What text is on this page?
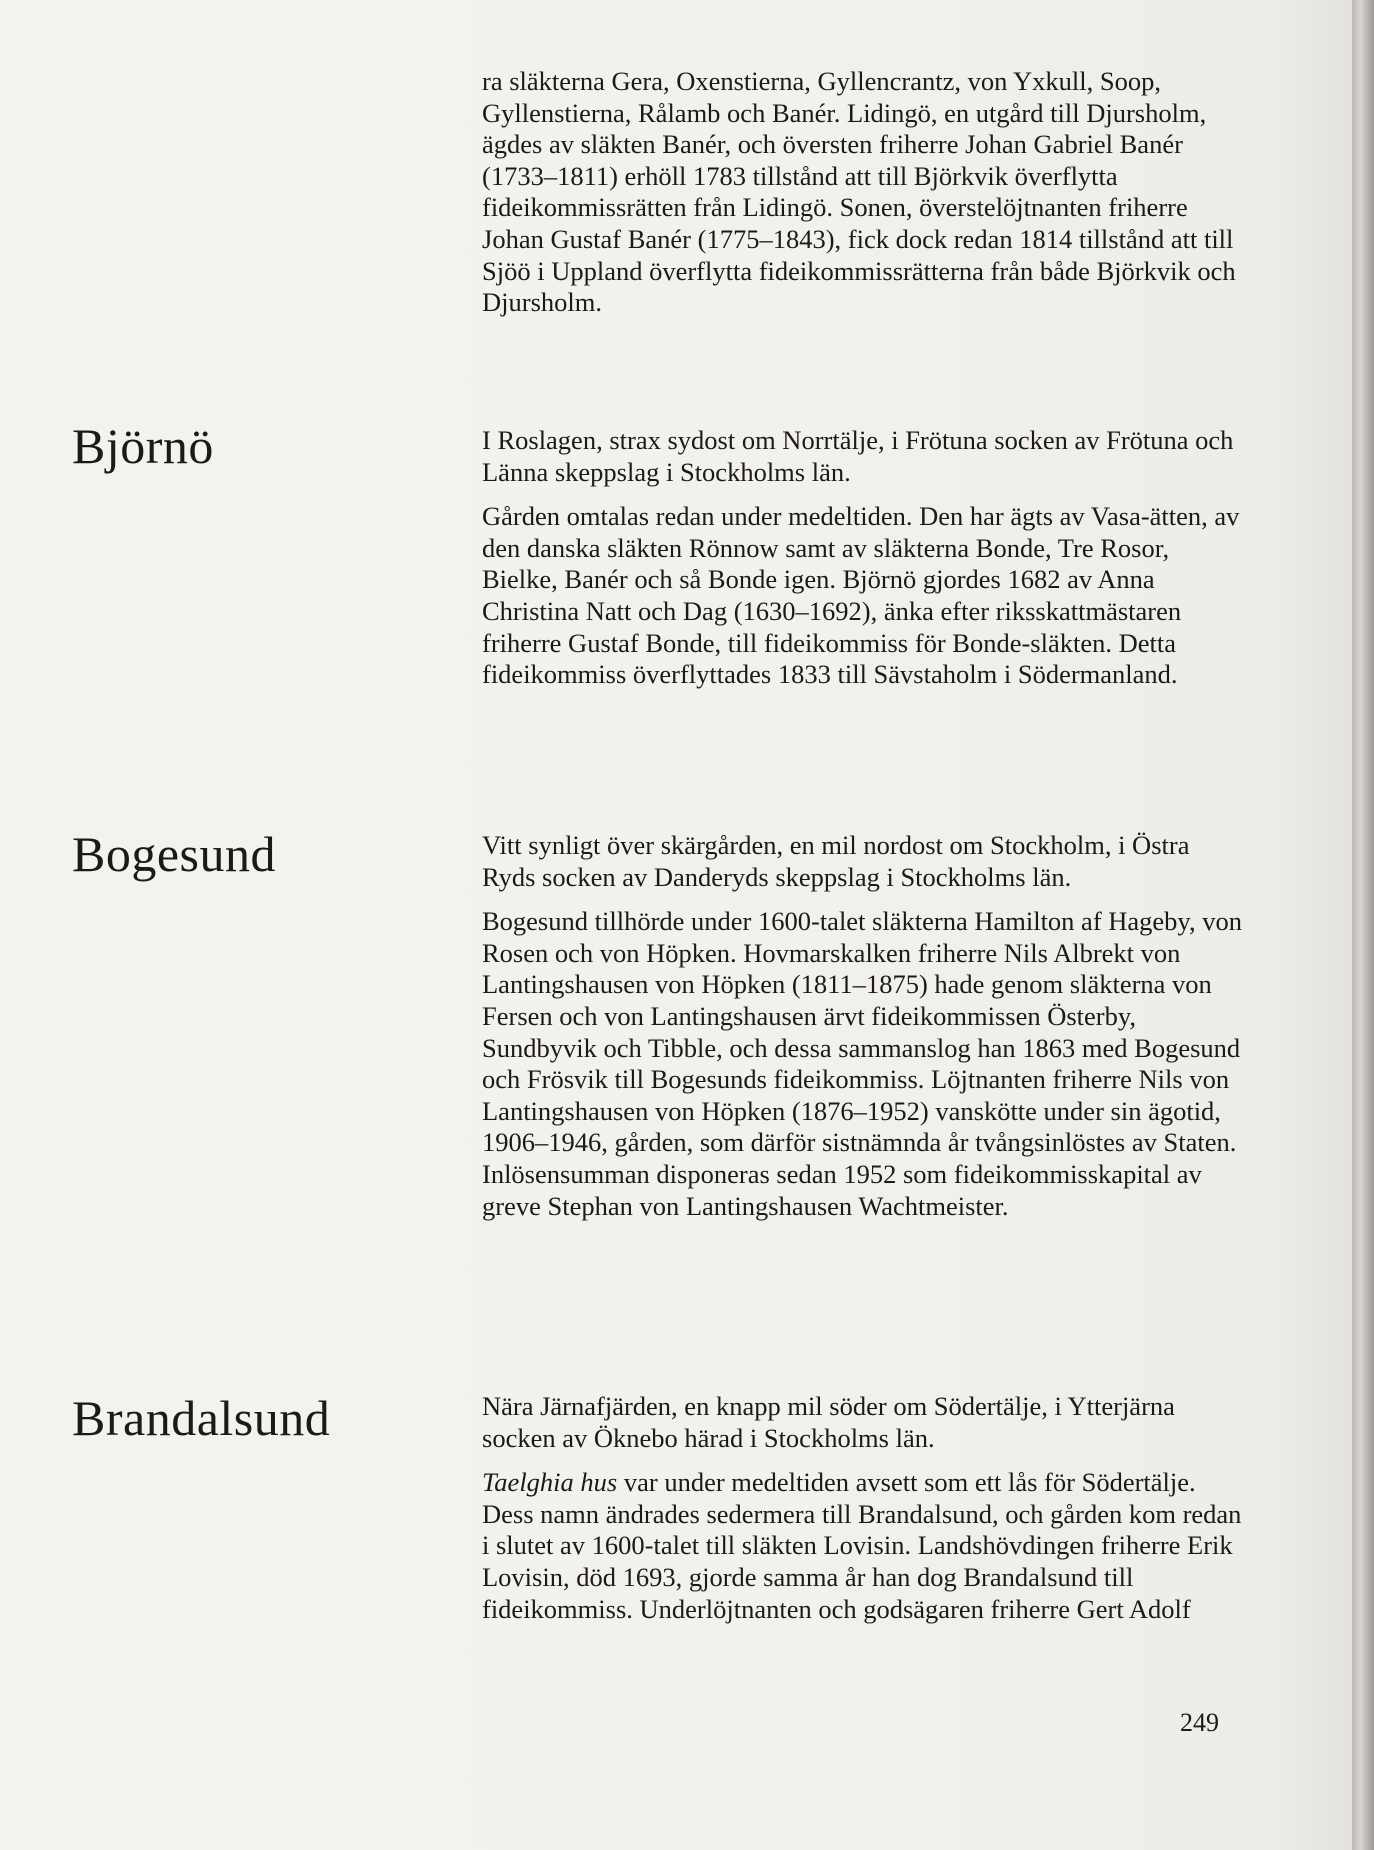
ra släkterna Gera, Oxenstierna, Gyllencrantz, von Yxkull, Soop, Gyllenstierna, Rålamb och Banér. Lidingö, en utgård till Djursholm, ägdes av släkten Banér, och översten friherre Johan Gabriel Banér (1733–1811) erhöll 1783 tillstånd att till Björkvik överflytta fideikommissrätten från Lidingö. Sonen, överstelöjtnanten friherre Johan Gustaf Banér (1775–1843), fick dock redan 1814 tillstånd att till Sjöö i Uppland överflytta fideikommissrätterna från både Björkvik och Djursholm.

Björnö	I Roslagen, strax sydost om Norrtälje, i Frötuna socken av Frötuna och Länna skeppslag i Stockholms län.

Gården omtalas redan under medeltiden. Den har ägts av Vasa-ätten, av den danska släkten Rönnow samt av släkterna Bonde, Tre Rosor, Bielke, Banér och så Bonde igen. Björnö gjordes 1682 av Anna Christina Natt och Dag (1630–1692), änka efter riksskattmästaren friherre Gustaf Bonde, till fideikommiss för Bonde-släkten. Detta fideikommiss överflyttades 1833 till Sävstaholm i Södermanland.

Bogesund	Vitt synligt över skärgården, en mil nordost om Stockholm, i Östra Ryds socken av Danderyds skeppslag i Stockholms län.

Bogesund tillhörde under 1600-talet släkterna Hamilton af Hageby, von Rosen och von Höpken. Hovmarskalken friherre Nils Albrekt von Lantingshausen von Höpken (1811–1875) hade genom släkterna von Fersen och von Lantingshausen ärvt fideikommissen Österby, Sundbyvik och Tibble, och dessa sammanslog han 1863 med Bogesund och Frösvik till Bogesunds fideikommiss. Löjtnanten friherre Nils von Lantingshausen von Höpken (1876–1952) vanskötte under sin ägotid, 1906–1946, gården, som därför sistnämnda år tvångsinlöstes av Staten. Inlösensumman disponeras sedan 1952 som fideikommisskapital av greve Stephan von Lantingshausen Wachtmeister.

Brandalsund	Nära Järnafjärden, en knapp mil söder om Södertälje, i Ytterjärna socken av Öknebo härad i Stockholms län.

Taelghia hus var under medeltiden avsett som ett lås för Södertälje. Dess namn ändrades sedermera till Brandalsund, och gården kom redan i slutet av 1600-talet till släkten Lovisin. Landshövdingen friherre Erik Lovisin, död 1693, gjorde samma år han dog Brandalsund till fideikommiss. Underlöjtnanten och godsägaren friherre Gert Adolf

249
